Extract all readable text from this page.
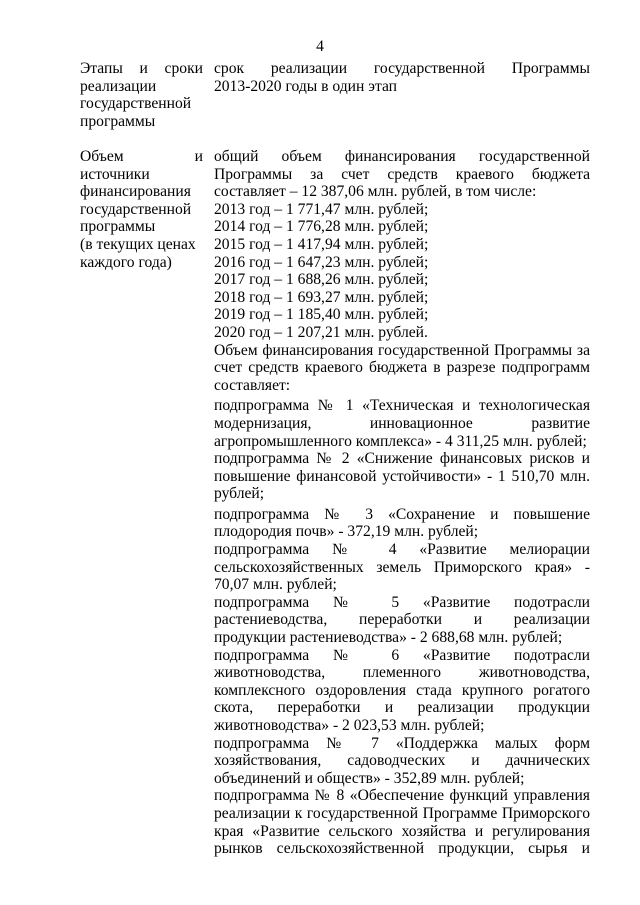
4
Этапы и сроки
реализации
государственной
программы
срок реализации государственной Программы
2013-2020 годы в один этап
Объем и
источники
финансирования
государственной
программы
(в текущих ценах
каждого года)
общий объем финансирования государственной
Программы за счет средств краевого бюджета
составляет – 12 387,06 млн. рублей, в том числе:
2013 год – 1 771,47 млн. рублей;
2014 год – 1 776,28 млн. рублей;
2015 год – 1 417,94 млн. рублей;
2016 год – 1 647,23 млн. рублей;
2017 год – 1 688,26 млн. рублей;
2018 год – 1 693,27 млн. рублей;
2019 год – 1 185,40 млн. рублей;
2020 год – 1 207,21 млн. рублей.
Объем финансирования государственной Программы за
счет средств краевого бюджета в разрезе подпрограмм
составляет:
подпрограмма № 1 «Техническая и технологическая
модернизация, инновационное развитие
агропромышленного комплекса» - 4 311,25 млн. рублей;
подпрограмма № 2 «Снижение финансовых рисков и
повышение финансовой устойчивости» - 1 510,70 млн.
рублей;
подпрограмма № 3 «Сохранение и повышение
плодородия почв» - 372,19 млн. рублей;
подпрограмма № 4 «Развитие мелиорации
сельскохозяйственных земель Приморского края» -
70,07 млн. рублей;
подпрограмма № 5 «Развитие подотрасли
растениеводства, переработки и реализации
продукции растениеводства» - 2 688,68 млн. рублей;
подпрограмма № 6 «Развитие подотрасли
животноводства, племенного животноводства,
комплексного оздоровления стада крупного рогатого
скота, переработки и реализации продукции
животноводства» - 2 023,53 млн. рублей;
подпрограмма № 7 «Поддержка малых форм
хозяйствования, садоводческих и дачнических
объединений и обществ» - 352,89 млн. рублей;
подпрограмма № 8 «Обеспечение функций управления
реализации к государственной Программе Приморского
края «Развитие сельского хозяйства и регулирования
рынков сельскохозяйственной продукции, сырья и
